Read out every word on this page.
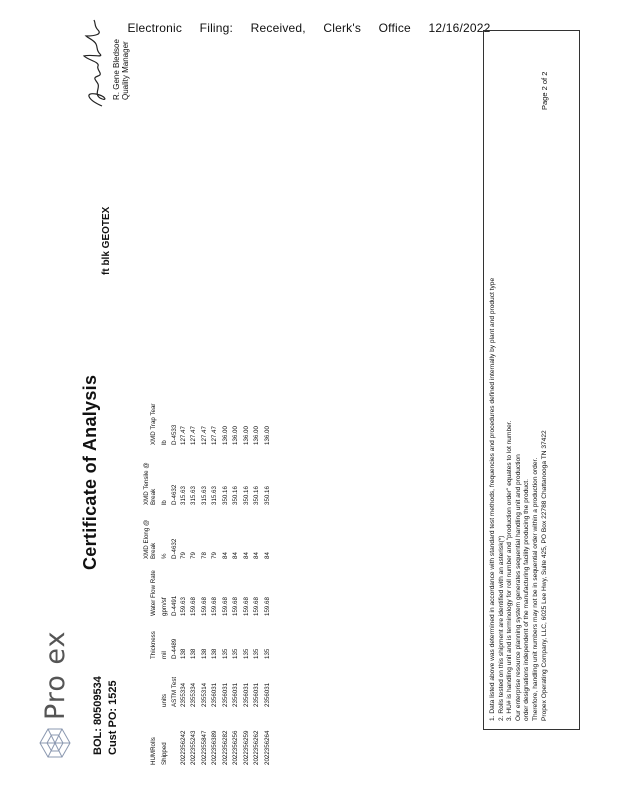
Electronic Filing: Received, Clerk's Office 12/16/2022
Pro ex BOL: 80509534 Cust PO: 1525
Certificate of Analysis
ft blk GEOTEX
HUMRolls		Thickness	Water Flow Rate	XMD Elong @ Break	XMD Tensile @ Break	XMD Trap Tear
Shipped	units	mil	gpm/sf	%	lb	lb
	ASTM Test	D-4489	D-4491	D-4632	D-4632	D-4533
2022356242	2355334	138	159.63	79	315.63	127.47
2022355243	2355334	138	159.68	79	315.63	127.47
2022355847	2355314	138	159.68	78	315.63	127.47
2022356389	2356031	138	159.68	79	315.63	127.47
2022356282	2356031	135	159.68	84	350.16	136.00
2022356256	2356031	135	159.68	84	350.16	136.00
2022356259	2356031	135	159.68	84	350.16	136.00
2022356262	2356031	135	159.68	84	350.16	136.00
2022356264	2356031	135	159.68	84	350.16	136.00
R. Gene Bledsoe Quality Manager
1. Data listed above was determined in accordance with standard test methods, frequencies and procedures defined internally by plant and product type 2. Rolls tested on this shipment are identified with an asterisk(*) 3. HU# is handling unit and is terminology for roll number and "production order" equates to lot number. Our enterprise resource planning system generates sequential handling unit and production order designations independent of the manufacturing facility producing the product. Therefore, handling unit numbers may not be in sequential order within a production order. Propex Operating Company, LLC, 6025 Lee Hwy, Suite 425, PO Box 22788 Chattanooga TN 37422
Page 2 of 2
